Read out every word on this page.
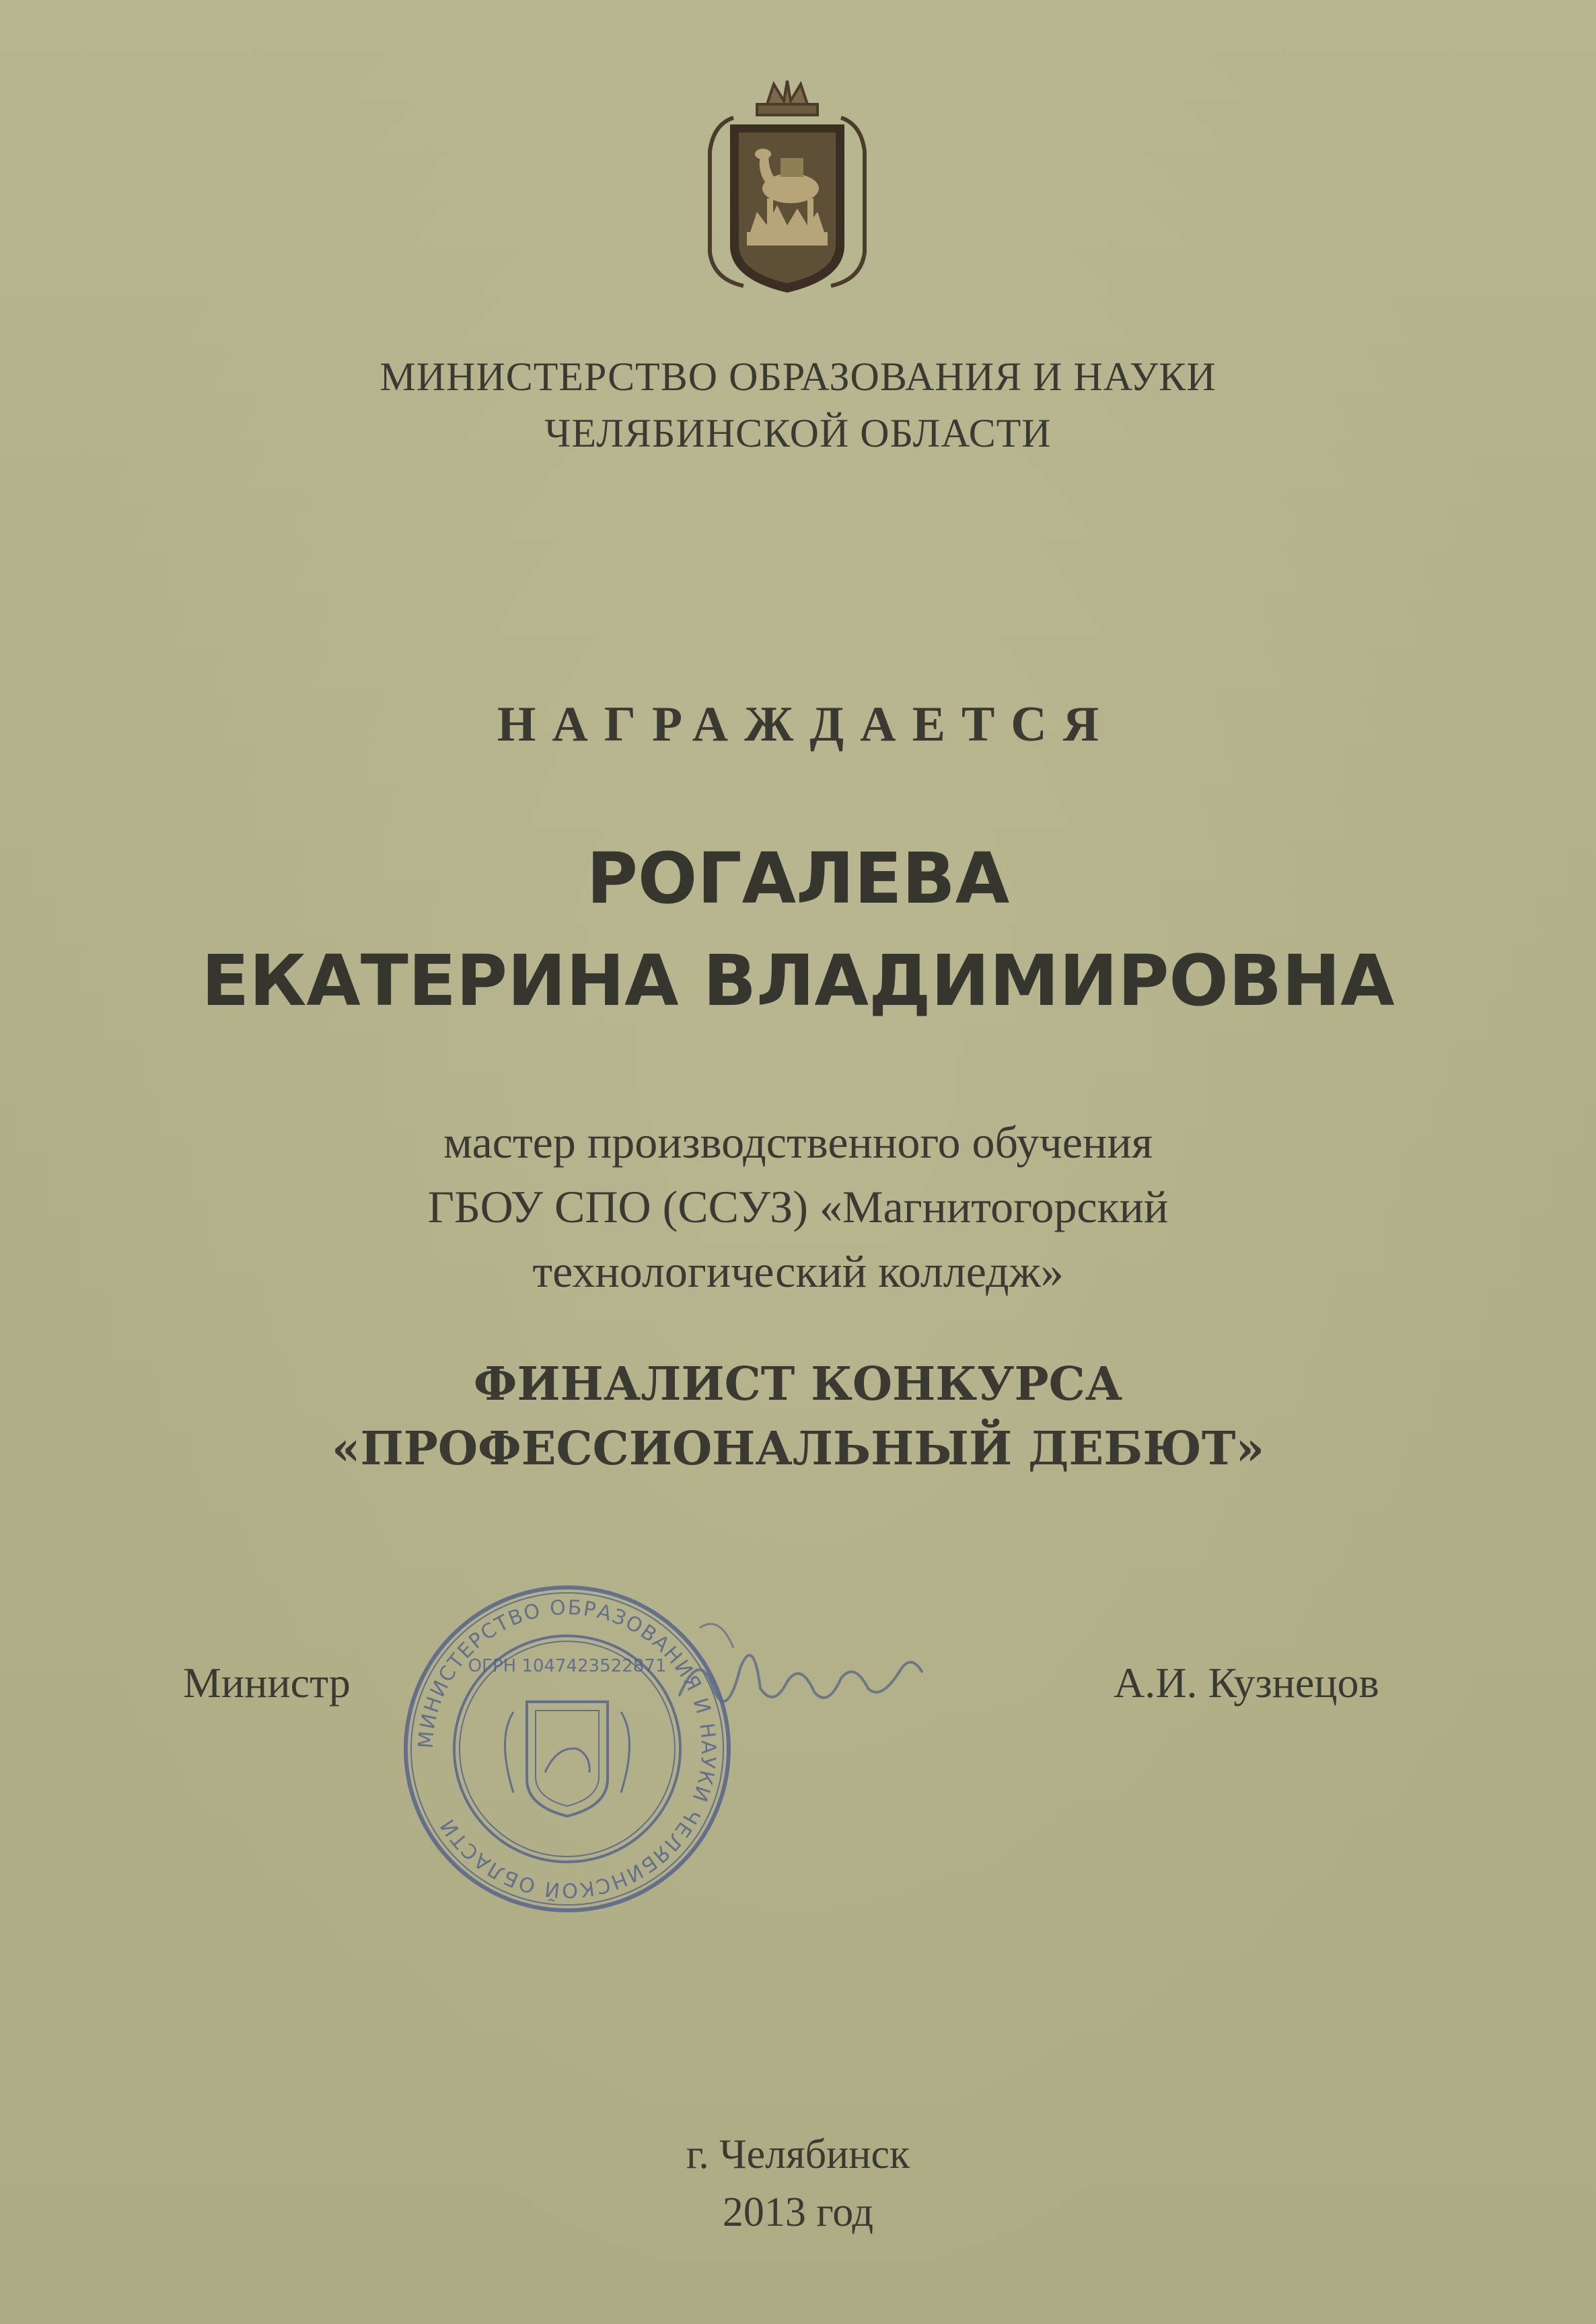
МИНИСТЕРСТВО ОБРАЗОВАНИЯ И НАУКИ
ЧЕЛЯБИНСКОЙ ОБЛАСТИ
НАГРАЖДАЕТСЯ
РОГАЛЕВА
ЕКАТЕРИНА ВЛАДИМИРОВНА
мастер производственного обучения
ГБОУ СПО (ССУЗ) «Магнитогорский
технологический колледж»
ФИНАЛИСТ КОНКУРСА
«ПРОФЕССИОНАЛЬНЫЙ ДЕБЮТ»
Министр
МИНИСТЕРСТВО ОБРАЗОВАНИЯ И НАУКИ ЧЕЛЯБИНСКОЙ ОБЛАСТИ
ОГРН 1047423522871	А.И. Кузнецов
г. Челябинск
2013 год
